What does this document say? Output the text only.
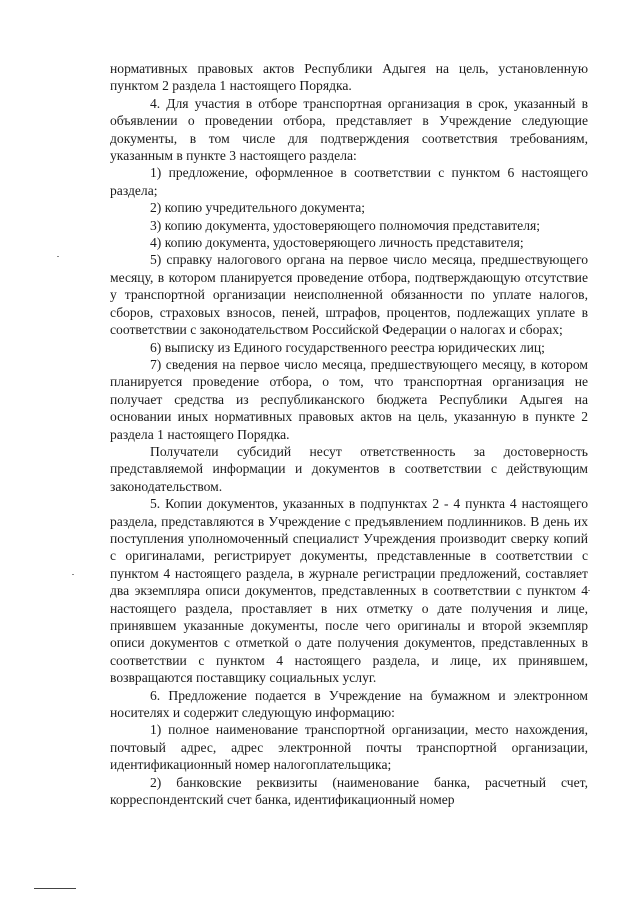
нормативных правовых актов Республики Адыгея на цель, установленную пунктом 2 раздела 1 настоящего Порядка.

4. Для участия в отборе транспортная организация в срок, указанный в объявлении о проведении отбора, представляет в Учреждение следующие документы, в том числе для подтверждения соответствия требованиям, указанным в пункте 3 настоящего раздела:

1) предложение, оформленное в соответствии с пунктом 6 настоящего раздела;

2) копию учредительного документа;

3) копию документа, удостоверяющего полномочия представителя;

4) копию документа, удостоверяющего личность представителя;

5) справку налогового органа на первое число месяца, предшествующего месяцу, в котором планируется проведение отбора, подтверждающую отсутствие у транспортной организации неисполненной обязанности по уплате налогов, сборов, страховых взносов, пеней, штрафов, процентов, подлежащих уплате в соответствии с законодательством Российской Федерации о налогах и сборах;

6) выписку из Единого государственного реестра юридических лиц;

7) сведения на первое число месяца, предшествующего месяцу, в котором планируется проведение отбора, о том, что транспортная организация не получает средства из республиканского бюджета Республики Адыгея на основании иных нормативных правовых актов на цель, указанную в пункте 2 раздела 1 настоящего Порядка.

Получатели субсидий несут ответственность за достоверность представляемой информации и документов в соответствии с действующим законодательством.

5. Копии документов, указанных в подпунктах 2 - 4 пункта 4 настоящего раздела, представляются в Учреждение с предъявлением подлинников. В день их поступления уполномоченный специалист Учреждения производит сверку копий с оригиналами, регистрирует документы, представленные в соответствии с пунктом 4 настоящего раздела, в журнале регистрации предложений, составляет два экземпляра описи документов, представленных в соответствии с пунктом 4 настоящего раздела, проставляет в них отметку о дате получения и лице, принявшем указанные документы, после чего оригиналы и второй экземпляр описи документов с отметкой о дате получения документов, представленных в соответствии с пунктом 4 настоящего раздела, и лице, их принявшем, возвращаются поставщику социальных услуг.

6. Предложение подается в Учреждение на бумажном и электронном носителях и содержит следующую информацию:

1) полное наименование транспортной организации, место нахождения, почтовый адрес, адрес электронной почты транспортной организации, идентификационный номер налогоплательщика;

2) банковские реквизиты (наименование банка, расчетный счет, корреспондентский счет банка, идентификационный номер
